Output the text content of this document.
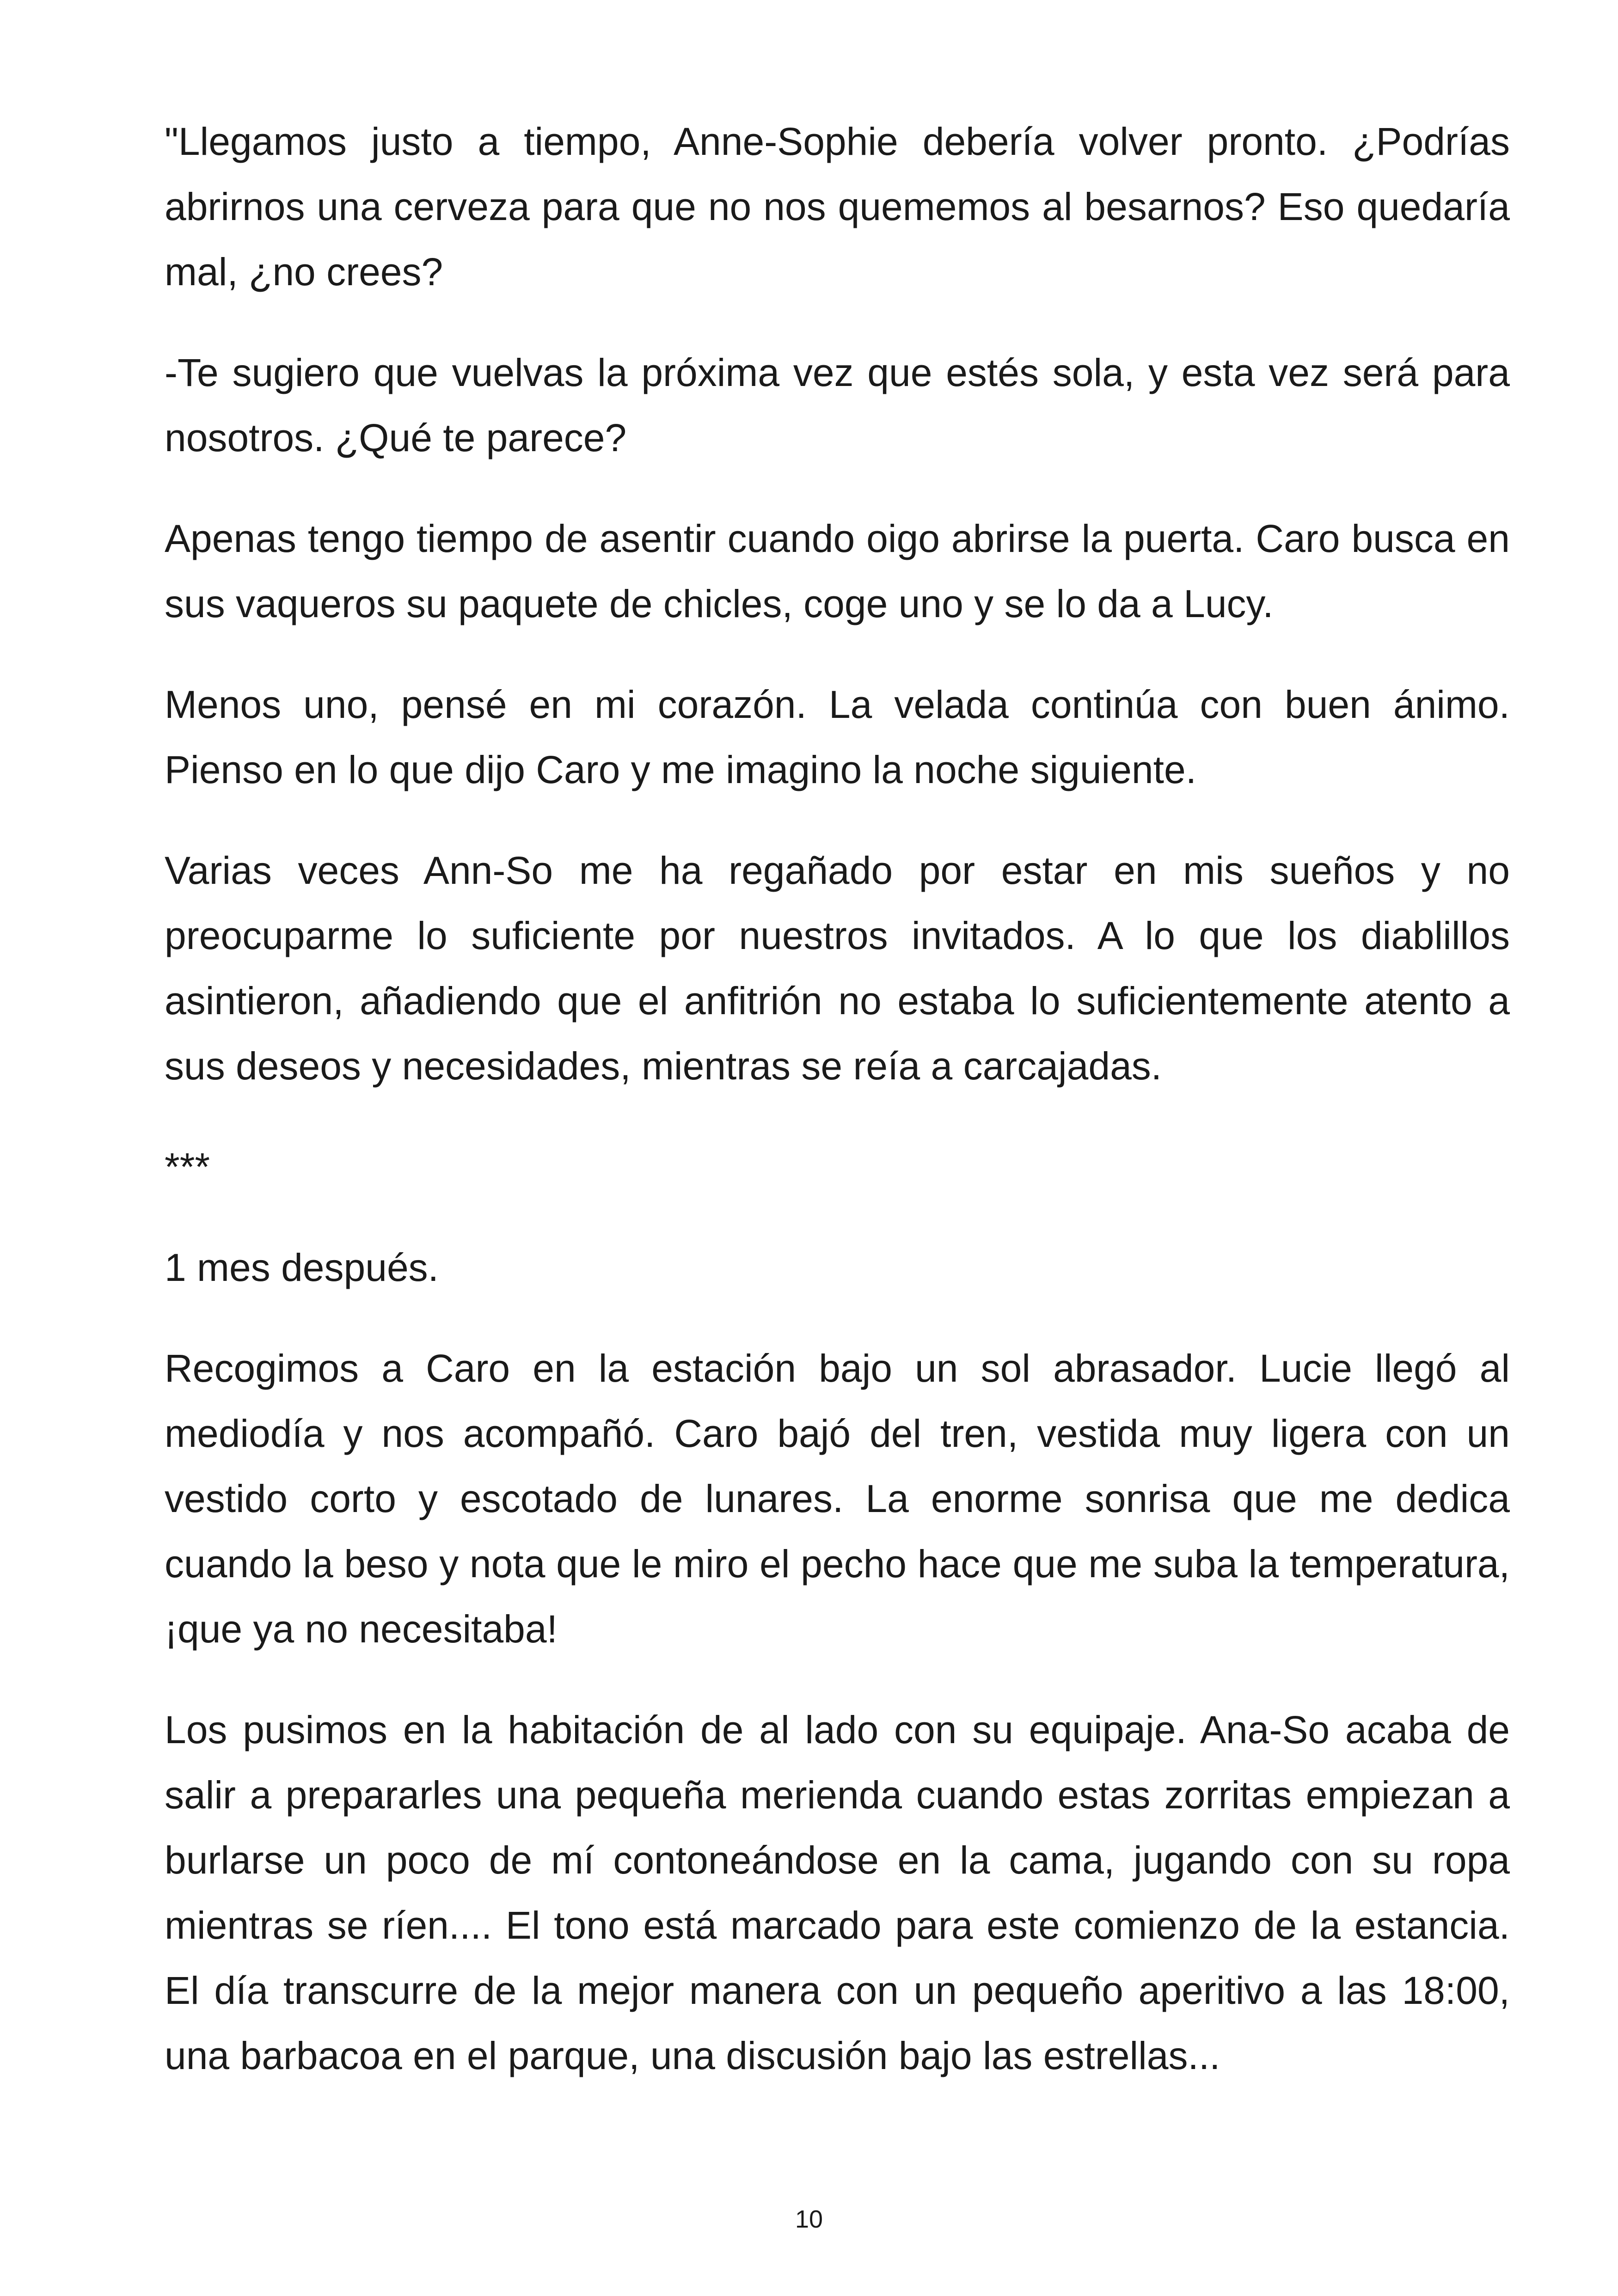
"Llegamos justo a tiempo, Anne-Sophie debería volver pronto. ¿Podrías abrirnos una cerveza para que no nos quememos al besarnos? Eso quedaría mal, ¿no crees?

-Te sugiero que vuelvas la próxima vez que estés sola, y esta vez será para nosotros. ¿Qué te parece?

Apenas tengo tiempo de asentir cuando oigo abrirse la puerta. Caro busca en sus vaqueros su paquete de chicles, coge uno y se lo da a Lucy.

Menos uno, pensé en mi corazón. La velada continúa con buen ánimo. Pienso en lo que dijo Caro y me imagino la noche siguiente.

Varias veces Ann-So me ha regañado por estar en mis sueños y no preocuparme lo suficiente por nuestros invitados. A lo que los diablillos asintieron, añadiendo que el anfitrión no estaba lo suficientemente atento a sus deseos y necesidades, mientras se reía a carcajadas.

***

1 mes después.

Recogimos a Caro en la estación bajo un sol abrasador. Lucie llegó al mediodía y nos acompañó. Caro bajó del tren, vestida muy ligera con un vestido corto y escotado de lunares. La enorme sonrisa que me dedica cuando la beso y nota que le miro el pecho hace que me suba la temperatura, ¡que ya no necesitaba!

Los pusimos en la habitación de al lado con su equipaje. Ana-So acaba de salir a prepararles una pequeña merienda cuando estas zorritas empiezan a burlarse un poco de mí contoneándose en la cama, jugando con su ropa mientras se ríen.... El tono está marcado para este comienzo de la estancia. El día transcurre de la mejor manera con un pequeño aperitivo a las 18:00, una barbacoa en el parque, una discusión bajo las estrellas...

10
